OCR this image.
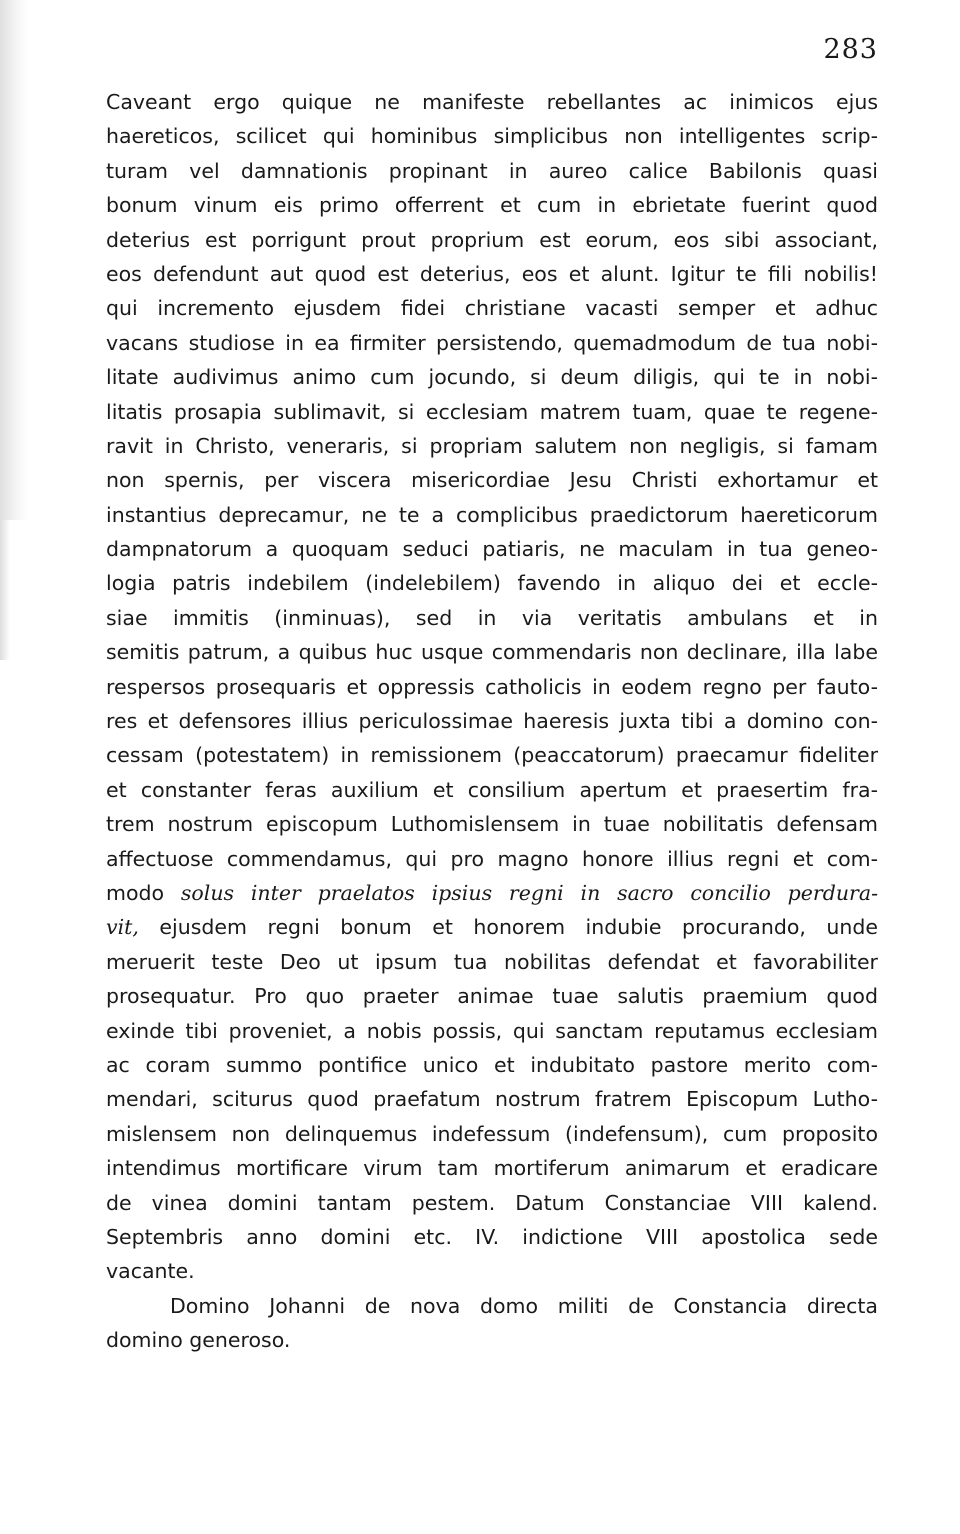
283
Caveant ergo quique ne manifeste rebellantes ac inimicos ejus
haereticos, scilicet qui hominibus simplicibus non intelligentes scrip-
turam vel damnationis propinant in aureo calice Babilonis quasi
bonum vinum eis primo offerrent et cum in ebrietate fuerint quod
deterius est porrigunt prout proprium est eorum, eos sibi associant,
eos defendunt aut quod est deterius, eos et alunt. Igitur te fili nobilis!
qui incremento ejusdem fidei christiane vacasti semper et adhuc
vacans studiose in ea firmiter persistendo, quemadmodum de tua nobi-
litate audivimus animo cum jocundo, si deum diligis, qui te in nobi-
litatis prosapia sublimavit, si ecclesiam matrem tuam, quae te regene-
ravit in Christo, veneraris, si propriam salutem non negligis, si famam
non spernis, per viscera misericordiae Jesu Christi exhortamur et
instantius deprecamur, ne te a complicibus praedictorum haereticorum
dampnatorum a quoquam seduci patiaris, ne maculam in tua geneo-
logia patris indebilem (indelebilem) favendo in aliquo dei et eccle-
siae immitis (inminuas), sed in via veritatis ambulans et in
semitis patrum, a quibus huc usque commendaris non declinare, illa labe
respersos prosequaris et oppressis catholicis in eodem regno per fauto-
res et defensores illius periculossimae haeresis juxta tibi a domino con-
cessam (potestatem) in remissionem (peaccatorum) praecamur fideliter
et constanter feras auxilium et consilium apertum et praesertim fra-
trem nostrum episcopum Luthomislensem in tuae nobilitatis defensam
affectuose commendamus, qui pro magno honore illius regni et com-
modo solus inter praelatos ipsius regni in sacro concilio perdura-
vit, ejusdem regni bonum et honorem indubie procurando, unde
meruerit teste Deo ut ipsum tua nobilitas defendat et favorabiliter
prosequatur. Pro quo praeter animae tuae salutis praemium quod
exinde tibi proveniet, a nobis possis, qui sanctam reputamus ecclesiam
ac coram summo pontifice unico et indubitato pastore merito com-
mendari, sciturus quod praefatum nostrum fratrem Episcopum Lutho-
mislensem non delinquemus indefessum (indefensum), cum proposito
intendimus mortificare virum tam mortiferum animarum et eradicare
de vinea domini tantam pestem. Datum Constanciae VIII kalend.
Septembris anno domini etc. IV. indictione VIII apostolica sede
vacante.
Domino Johanni de nova domo militi de Constancia directa
domino generoso.
